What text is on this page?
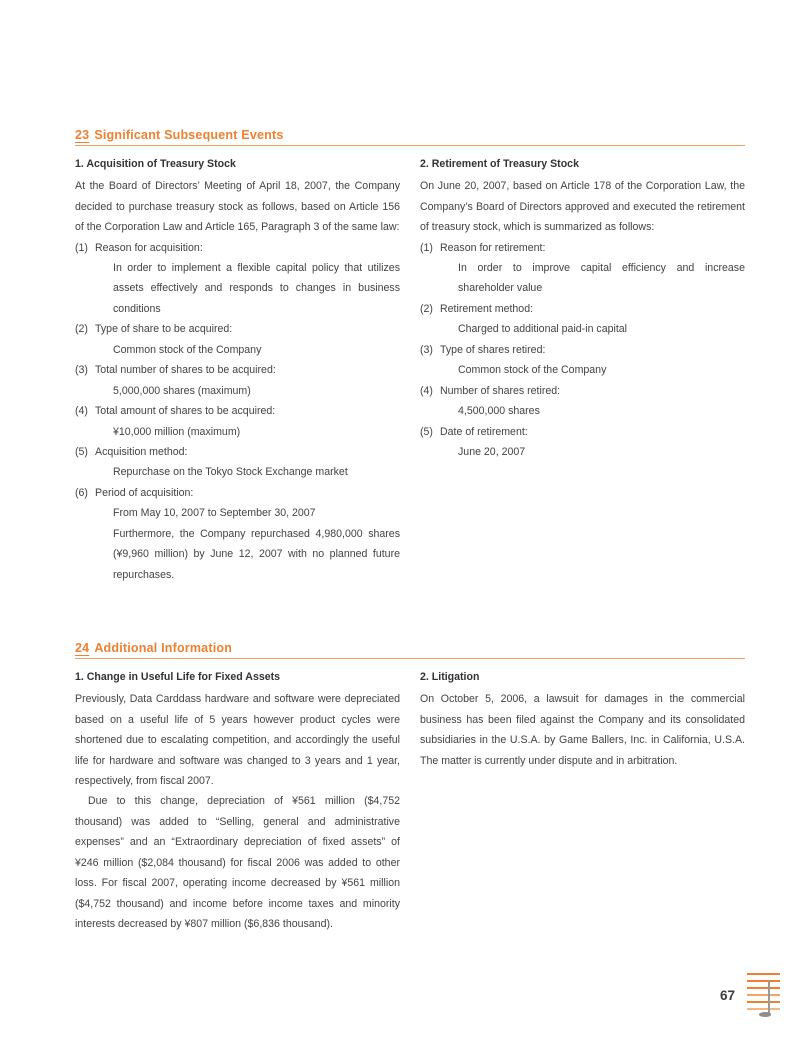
23 Significant Subsequent Events
1. Acquisition of Treasury Stock

At the Board of Directors’ Meeting of April 18, 2007, the Company decided to purchase treasury stock as follows, based on Article 156 of the Corporation Law and Article 165, Paragraph 3 of the same law:

(1) Reason for acquisition:
In order to implement a flexible capital policy that utilizes assets effectively and responds to changes in business conditions
(2) Type of share to be acquired:
Common stock of the Company
(3) Total number of shares to be acquired:
5,000,000 shares (maximum)
(4) Total amount of shares to be acquired:
¥10,000 million (maximum)
(5) Acquisition method:
Repurchase on the Tokyo Stock Exchange market
(6) Period of acquisition:
From May 10, 2007 to September 30, 2007
Furthermore, the Company repurchased 4,980,000 shares (¥9,960 million) by June 12, 2007 with no planned future repurchases.
2. Retirement of Treasury Stock

On June 20, 2007, based on Article 178 of the Corporation Law, the Company’s Board of Directors approved and executed the retirement of treasury stock, which is summarized as follows:

(1) Reason for retirement:
In order to improve capital efficiency and increase shareholder value
(2) Retirement method:
Charged to additional paid-in capital
(3) Type of shares retired:
Common stock of the Company
(4) Number of shares retired:
4,500,000 shares
(5) Date of retirement:
June 20, 2007
24 Additional Information
1. Change in Useful Life for Fixed Assets

Previously, Data Carddass hardware and software were depreciated based on a useful life of 5 years however product cycles were shortened due to escalating competition, and accordingly the useful life for hardware and software was changed to 3 years and 1 year, respectively, from fiscal 2007.

Due to this change, depreciation of ¥561 million ($4,752 thousand) was added to “Selling, general and administrative expenses” and an “Extraordinary depreciation of fixed assets” of ¥246 million ($2,084 thousand) for fiscal 2006 was added to other loss. For fiscal 2007, operating income decreased by ¥561 million ($4,752 thousand) and income before income taxes and minority interests decreased by ¥807 million ($6,836 thousand).

2. Litigation

On October 5, 2006, a lawsuit for damages in the commercial business has been filed against the Company and its consolidated subsidiaries in the U.S.A. by Game Ballers, Inc. in California, U.S.A. The matter is currently under dispute and in arbitration.

67
